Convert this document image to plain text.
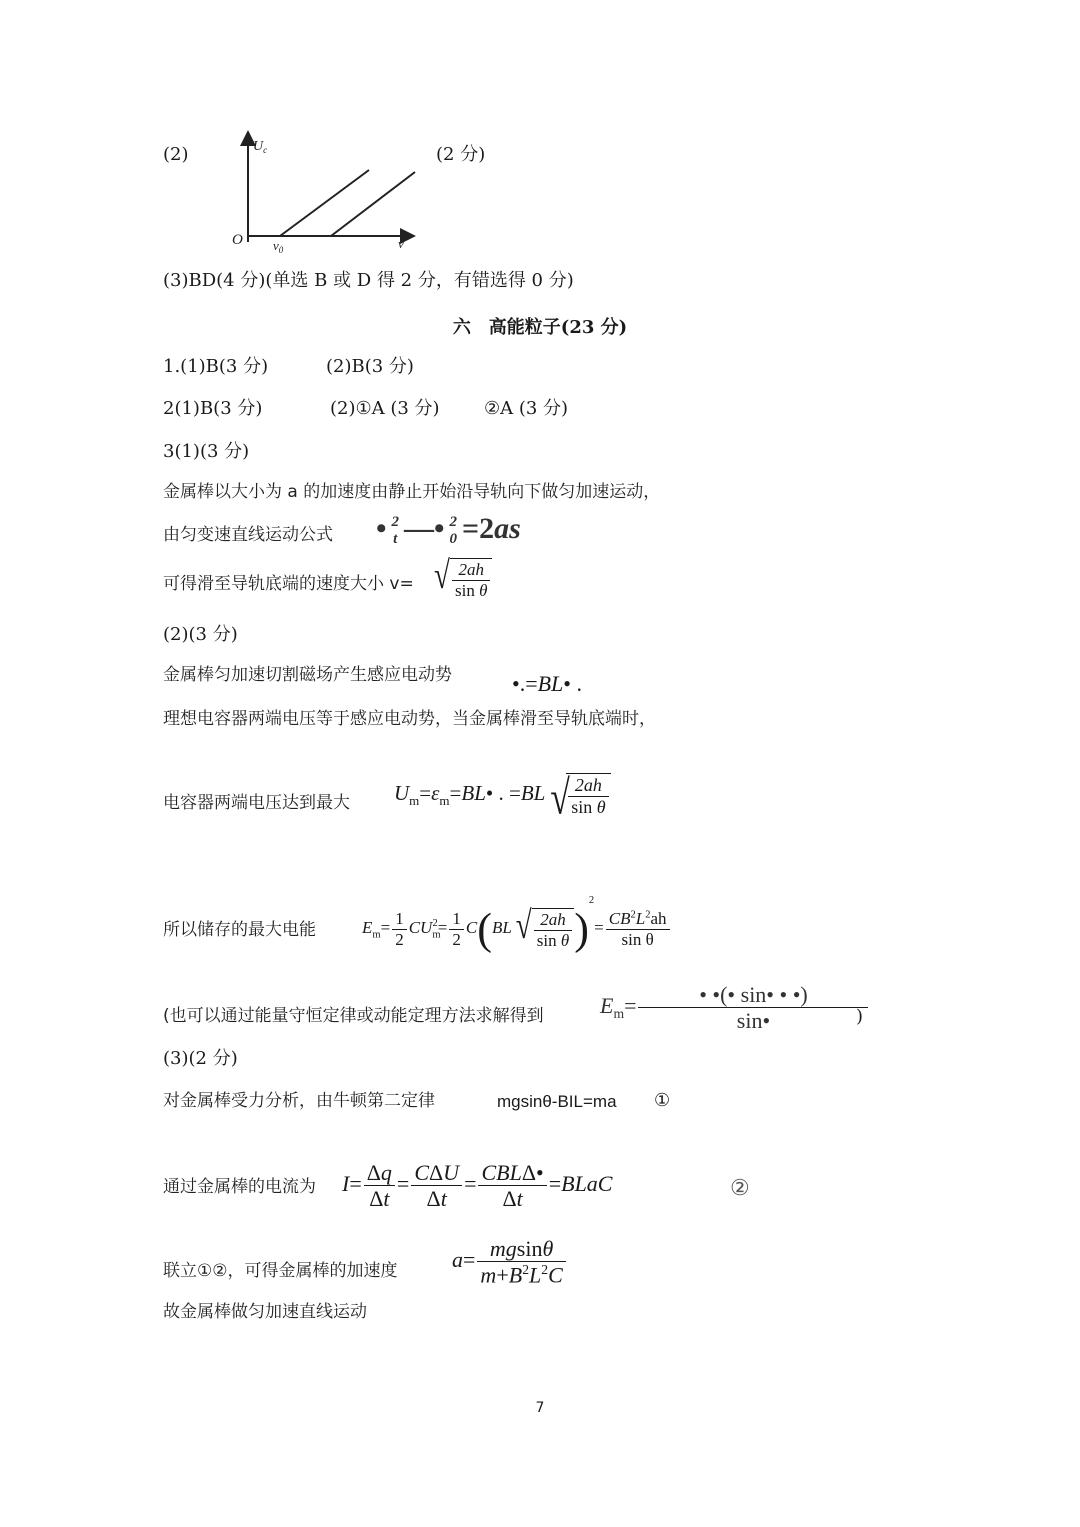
(2)	$U_c$
O $v_0$	v
(2 分)
(3)BD(4 分)(单选 B 或 D 得 2 分，有错选得 0 分)
六　高能粒子(23 分)
1.(1)B(3 分)	(2)B(3 分)
2(1)B(3 分)	(2)①A (3 分) ②A (3 分)
3(1)(3 分)
金属棒以大小为 a 的加速度由静止开始沿导轨向下做匀加速运动，
由匀变速直线运动公式 • 2
t —• 2
0 =2as
可得滑至导轨底端的速度大小 v= √ $\frac{2ah}{\text{sin θ}}$
(2)(3 分)
金属棒匀加速切割磁场产生感应电动势	•.=BL• .
理想电容器两端电压等于感应电动势，当金属棒滑至导轨底端时，
电容器两端电压达到最大 $U_m=\varepsilon_m=BL•$ . =BL √
$\frac{2ah}{\text{sin θ}}$
所以储存的最大电能	$E_m= \frac{1}{2} CU_m^2= \frac{1}{2} C(BL$ √ $\frac{2ah}{\text{sin θ}} )^2= \frac{CB^2L^2ah}{\text{sin θ}}$
(也可以通过能量守恒定律或动能定理方法求解得到	$E_m= \frac{• •(• \sin• • •)}{\sin•}$
)
(3)(2 分)
对金属棒受力分析，由牛顿第二定律	mgsinθ-BIL=ma ①
通过金属棒的电流为 $I= \frac{\Delta q}{\Delta t} = \frac{\text{CΔU}}{\Delta t} = \frac{\text{CBLΔ•}}{\Delta t}$ =BLaC	②
联立①②，可得金属棒的加速度 $a= \frac{mgsin\theta}{m+B^2L^2C}$
故金属棒做匀加速直线运动
7
